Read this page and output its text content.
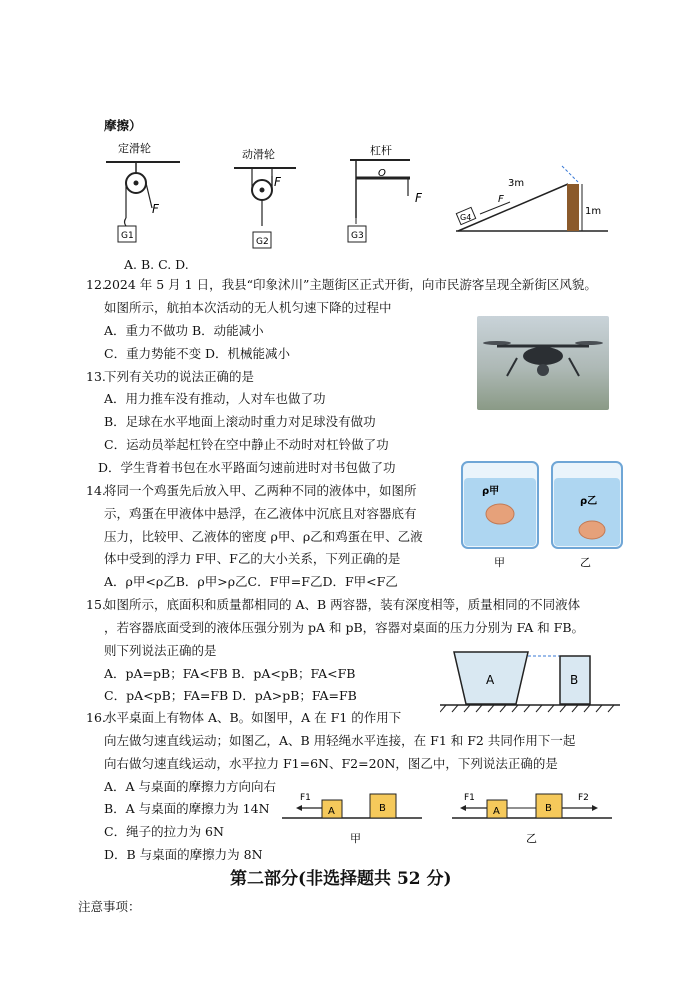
摩擦）
定滑轮
F
G1
动滑轮
F
G2
杠杆
O
F
G3
1m
3m
G4
F
A. B. C. D.
12.
2024 年 5 月 1 日，我县“印象沭川”主题街区正式开街，向市民游客呈现全新街区风貌。
如图所示，航拍本次活动的无人机匀速下降的过程中
A．重力不做功 B．动能减小
C．重力势能不变 D．机械能减小
13.
下列有关功的说法正确的是
A．用力推车没有推动，人对车也做了功
B．足球在水平地面上滚动时重力对足球没有做功
C．运动员举起杠铃在空中静止不动时对杠铃做了功
D．学生背着书包在水平路面匀速前进时对书包做了功
14.
将同一个鸡蛋先后放入甲、乙两种不同的液体中，如图所
示，鸡蛋在甲液体中悬浮，在乙液体中沉底且对容器底有
压力，比较甲、乙液体的密度 ρ甲、ρ乙和鸡蛋在甲、乙液
体中受到的浮力 F甲、F乙的大小关系，下列正确的是
A．ρ甲<ρ乙B．ρ甲>ρ乙C．F甲=F乙D．F甲<F乙
ρ甲
甲
ρ乙
乙
15.
如图所示，底面积和质量都相同的 A、B 两容器，装有深度相等，质量相同的不同液体
，若容器底面受到的液体压强分别为 pA 和 pB，容器对桌面的压力分别为 FA 和 FB。
则下列说法正确的是
A．pA=pB；FA<FB B．pA<pB；FA<FB
C．pA<pB；FA=FB D．pA>pB；FA=FB
A	B
16.
水平桌面上有物体 A、B。如图甲，A 在 F1 的作用下
向左做匀速直线运动；如图乙，A、B 用轻绳水平连接，在 F1 和 F2 共同作用下一起
向右做匀速直线运动，水平拉力 F1=6N、F2=20N，图乙中，下列说法正确的是
A．A 与桌面的摩擦力方向向右
B．A 与桌面的摩擦力为 14N
C．绳子的拉力为 6N
D．B 与桌面的摩擦力为 8N
A	B
F1
甲
A	B
F1	F2
乙
第二部分(非选择题共 52 分)
注意事项：
